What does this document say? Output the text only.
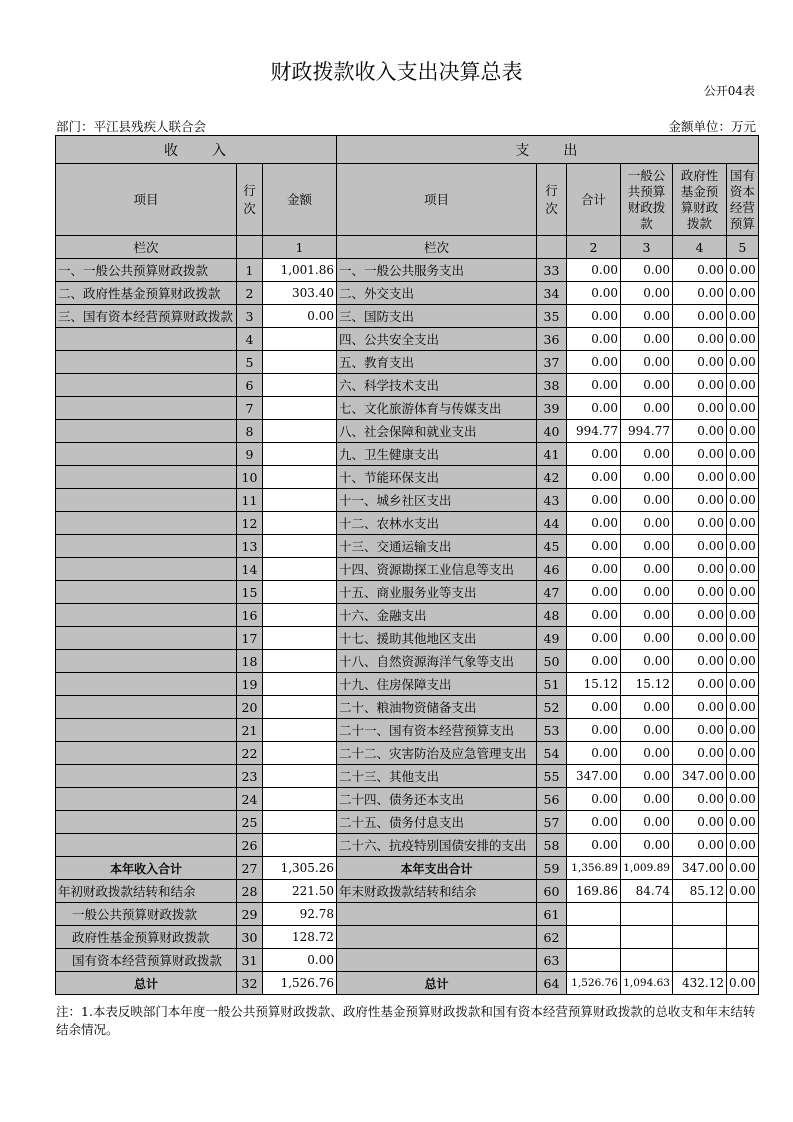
财政拨款收入支出决算总表
公开04表
部门：平江县残疾人联合会	金额单位：万元
收　　入			支　　出					
项目	行次	金额	项目	行次	合计	一般公共预算财政拨款	政府性基金预算财政拨款	国有资本经营预算
栏次		1	栏次		2	3	4	5
一、一般公共预算财政拨款	1	1,001.86	一、一般公共服务支出	33	0.00	0.00	0.00	0.00
二、政府性基金预算财政拨款	2	303.40	二、外交支出	34	0.00	0.00	0.00	0.00
三、国有资本经营预算财政拨款	3	0.00	三、国防支出	35	0.00	0.00	0.00	0.00
	4		四、公共安全支出	36	0.00	0.00	0.00	0.00
	5		五、教育支出	37	0.00	0.00	0.00	0.00
	6		六、科学技术支出	38	0.00	0.00	0.00	0.00
	7		七、文化旅游体育与传媒支出	39	0.00	0.00	0.00	0.00
	8		八、社会保障和就业支出	40	994.77	994.77	0.00	0.00
	9		九、卫生健康支出	41	0.00	0.00	0.00	0.00
	10		十、节能环保支出	42	0.00	0.00	0.00	0.00
	11		十一、城乡社区支出	43	0.00	0.00	0.00	0.00
	12		十二、农林水支出	44	0.00	0.00	0.00	0.00
	13		十三、交通运输支出	45	0.00	0.00	0.00	0.00
	14		十四、资源勘探工业信息等支出	46	0.00	0.00	0.00	0.00
	15		十五、商业服务业等支出	47	0.00	0.00	0.00	0.00
	16		十六、金融支出	48	0.00	0.00	0.00	0.00
	17		十七、援助其他地区支出	49	0.00	0.00	0.00	0.00
	18		十八、自然资源海洋气象等支出	50	0.00	0.00	0.00	0.00
	19		十九、住房保障支出	51	15.12	15.12	0.00	0.00
	20		二十、粮油物资储备支出	52	0.00	0.00	0.00	0.00
	21		二十一、国有资本经营预算支出	53	0.00	0.00	0.00	0.00
	22		二十二、灾害防治及应急管理支出	54	0.00	0.00	0.00	0.00
	23		二十三、其他支出	55	347.00	0.00	347.00	0.00
	24		二十四、债务还本支出	56	0.00	0.00	0.00	0.00
	25		二十五、债务付息支出	57	0.00	0.00	0.00	0.00
	26		二十六、抗疫特别国债安排的支出	58	0.00	0.00	0.00	0.00
本年收入合计	27	1,305.26	本年支出合计	59	1,356.89	1,009.89	347.00	0.00
年初财政拨款结转和结余	28	221.50	年末财政拨款结转和结余	60	169.86	84.74	85.12	0.00
一般公共预算财政拨款	29	92.78		61				
政府性基金预算财政拨款	30	128.72		62				
国有资本经营预算财政拨款	31	0.00		63				
总计	32	1,526.76	总计	64	1,526.76	1,094.63	432.12	0.00
注：1.本表反映部门本年度一般公共预算财政拨款、政府性基金预算财政拨款和国有资本经营预算财政拨款的总收支和年末结转结余情况。
